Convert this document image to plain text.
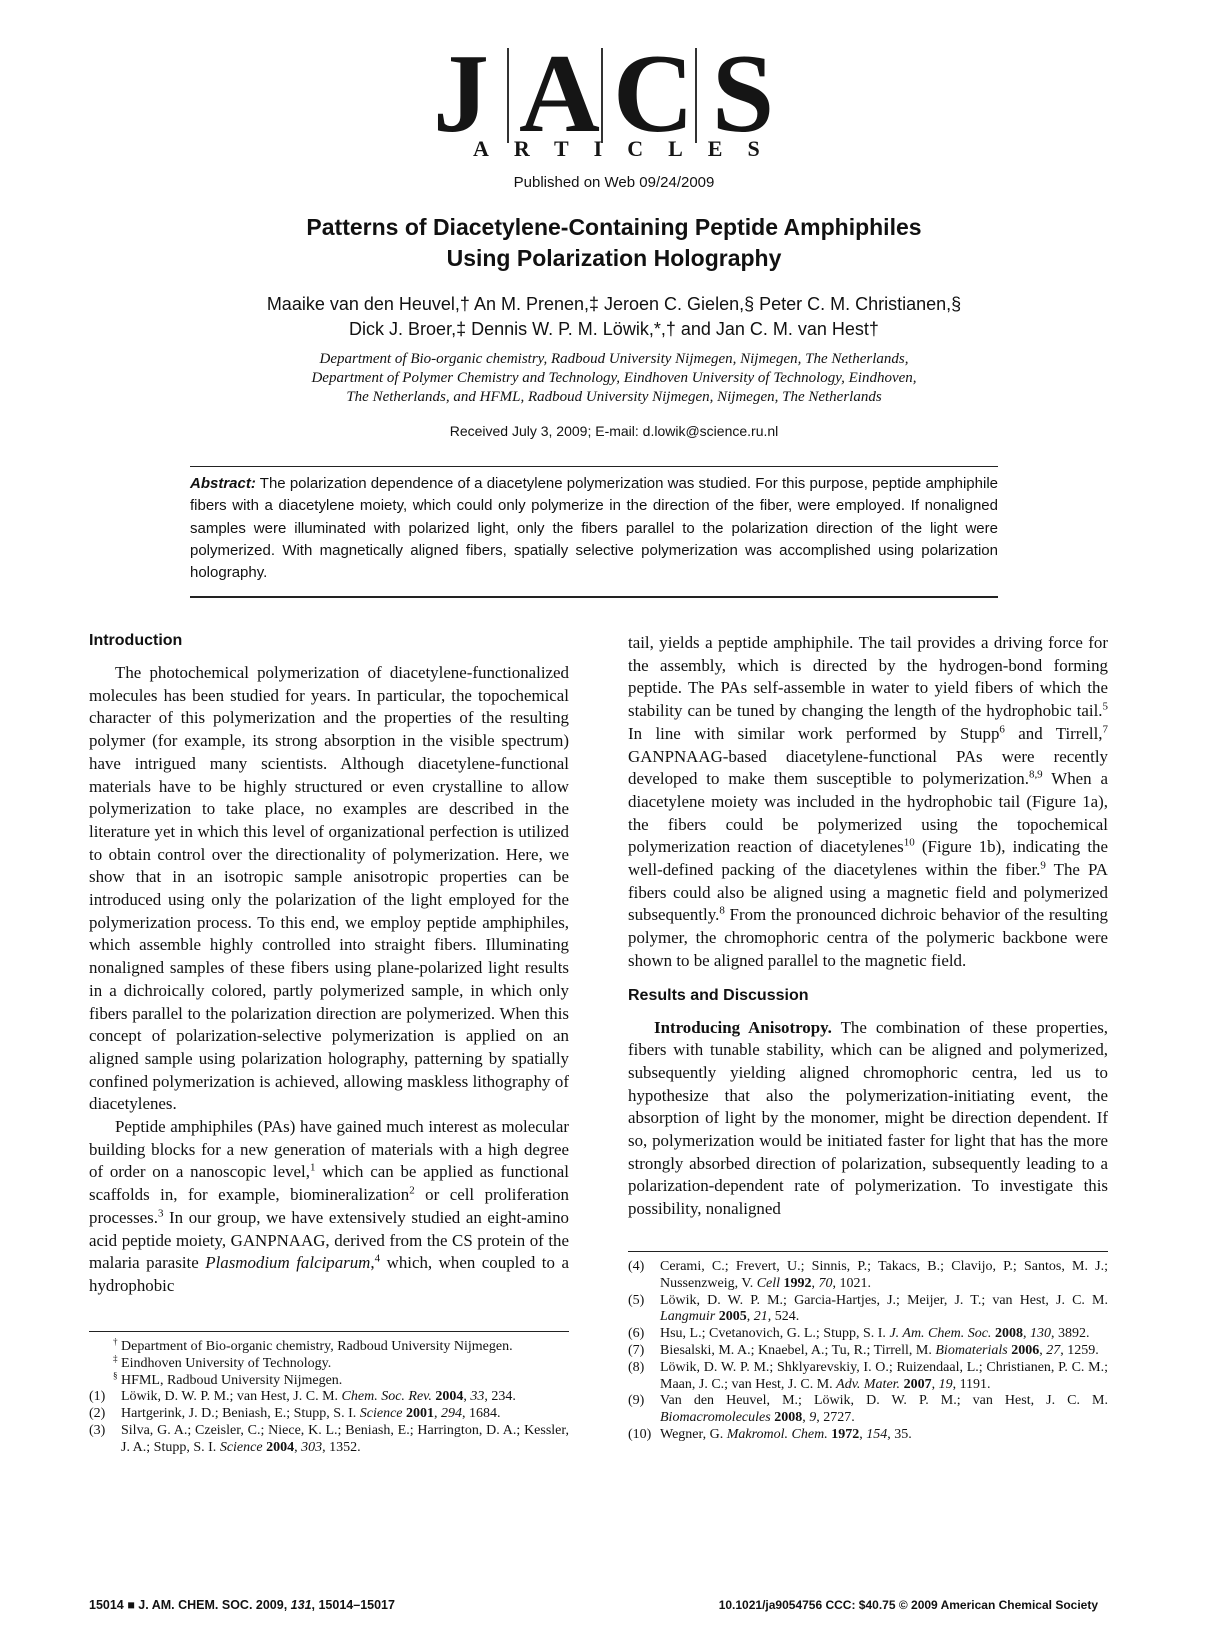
J A C S
ARTICLES
Published on Web 09/24/2009
Patterns of Diacetylene-Containing Peptide Amphiphiles
Using Polarization Holography
Maaike van den Heuvel,† An M. Prenen,‡ Jeroen C. Gielen,§ Peter C. M. Christianen,§
Dick J. Broer,‡ Dennis W. P. M. Löwik,*,† and Jan C. M. van Hest†
Department of Bio-organic chemistry, Radboud University Nijmegen, Nijmegen, The Netherlands,
Department of Polymer Chemistry and Technology, Eindhoven University of Technology, Eindhoven,
The Netherlands, and HFML, Radboud University Nijmegen, Nijmegen, The Netherlands
Received July 3, 2009; E-mail: d.lowik@science.ru.nl
Abstract: The polarization dependence of a diacetylene polymerization was studied. For this purpose, peptide amphiphile fibers with a diacetylene moiety, which could only polymerize in the direction of the fiber, were employed. If nonaligned samples were illuminated with polarized light, only the fibers parallel to the polarization direction of the light were polymerized. With magnetically aligned fibers, spatially selective polymerization was accomplished using polarization holography.
Introduction

The photochemical polymerization of diacetylene-functionalized molecules has been studied for years. In particular, the topochemical character of this polymerization and the properties of the resulting polymer (for example, its strong absorption in the visible spectrum) have intrigued many scientists. Although diacetylene-functional materials have to be highly structured or even crystalline to allow polymerization to take place, no examples are described in the literature yet in which this level of organizational perfection is utilized to obtain control over the directionality of polymerization. Here, we show that in an isotropic sample anisotropic properties can be introduced using only the polarization of the light employed for the polymerization process. To this end, we employ peptide amphiphiles, which assemble highly controlled into straight fibers. Illuminating nonaligned samples of these fibers using plane-polarized light results in a dichroically colored, partly polymerized sample, in which only fibers parallel to the polarization direction are polymerized. When this concept of polarization-selective polymerization is applied on an aligned sample using polarization holography, patterning by spatially confined polymerization is achieved, allowing maskless lithography of diacetylenes.

Peptide amphiphiles (PAs) have gained much interest as molecular building blocks for a new generation of materials with a high degree of order on a nanoscopic level,$^1$ which can be applied as functional scaffolds in, for example, biomineralization$^2$ or cell proliferation processes.$^3$ In our group, we have extensively studied an eight-amino acid peptide moiety, GANPNAAG, derived from the CS protein of the malaria parasite Plasmodium falciparum,$^4$ which, when coupled to a hydrophobic

tail, yields a peptide amphiphile. The tail provides a driving force for the assembly, which is directed by the hydrogen-bond forming peptide. The PAs self-assemble in water to yield fibers of which the stability can be tuned by changing the length of the hydrophobic tail.$^5$ In line with similar work performed by Stupp$^6$ and Tirrell,$^7$ GANPNAAG-based diacetylene-functional PAs were recently developed to make them susceptible to polymerization.$^{8,9}$ When a diacetylene moiety was included in the hydrophobic tail (Figure 1a), the fibers could be polymerized using the topochemical polymerization reaction of diacetylenes$^{10}$ (Figure 1b), indicating the well-defined packing of the diacetylenes within the fiber.$^9$ The PA fibers could also be aligned using a magnetic field and polymerized subsequently.$^8$ From the pronounced dichroic behavior of the resulting polymer, the chromophoric centra of the polymeric backbone were shown to be aligned parallel to the magnetic field.

Results and Discussion

Introducing Anisotropy. The combination of these properties, fibers with tunable stability, which can be aligned and polymerized, subsequently yielding aligned chromophoric centra, led us to hypothesize that also the polymerization-initiating event, the absorption of light by the monomer, might be direction dependent. If so, polymerization would be initiated faster for light that has the more strongly absorbed direction of polarization, subsequently leading to a polarization-dependent rate of polymerization. To investigate this possibility, nonaligned

† Department of Bio-organic chemistry, Radboud University Nijmegen.
‡ Eindhoven University of Technology.
§ HFML, Radboud University Nijmegen.
(1) Löwik, D. W. P. M.; van Hest, J. C. M. Chem. Soc. Rev. 2004, 33, 234.
(2) Hartgerink, J. D.; Beniash, E.; Stupp, S. I. Science 2001, 294, 1684.
(3) Silva, G. A.; Czeisler, C.; Niece, K. L.; Beniash, E.; Harrington, D. A.; Kessler, J. A.; Stupp, S. I. Science 2004, 303, 1352.
(4) Cerami, C.; Frevert, U.; Sinnis, P.; Takacs, B.; Clavijo, P.; Santos, M. J.; Nussenzweig, V. Cell 1992, 70, 1021.
(5) Löwik, D. W. P. M.; Garcia-Hartjes, J.; Meijer, J. T.; van Hest, J. C. M. Langmuir 2005, 21, 524.
(6) Hsu, L.; Cvetanovich, G. L.; Stupp, S. I. J. Am. Chem. Soc. 2008, 130, 3892.
(7) Biesalski, M. A.; Knaebel, A.; Tu, R.; Tirrell, M. Biomaterials 2006, 27, 1259.
(8) Löwik, D. W. P. M.; Shklyarevskiy, I. O.; Ruizendaal, L.; Christianen, P. C. M.; Maan, J. C.; van Hest, J. C. M. Adv. Mater. 2007, 19, 1191.
(9) Van den Heuvel, M.; Löwik, D. W. P. M.; van Hest, J. C. M. Biomacromolecules 2008, 9, 2727.
(10) Wegner, G. Makromol. Chem. 1972, 154, 35.
15014 ■ J. AM. CHEM. SOC. 2009, 131, 15014–15017	10.1021/ja9054756 CCC: $40.75 © 2009 American Chemical Society
